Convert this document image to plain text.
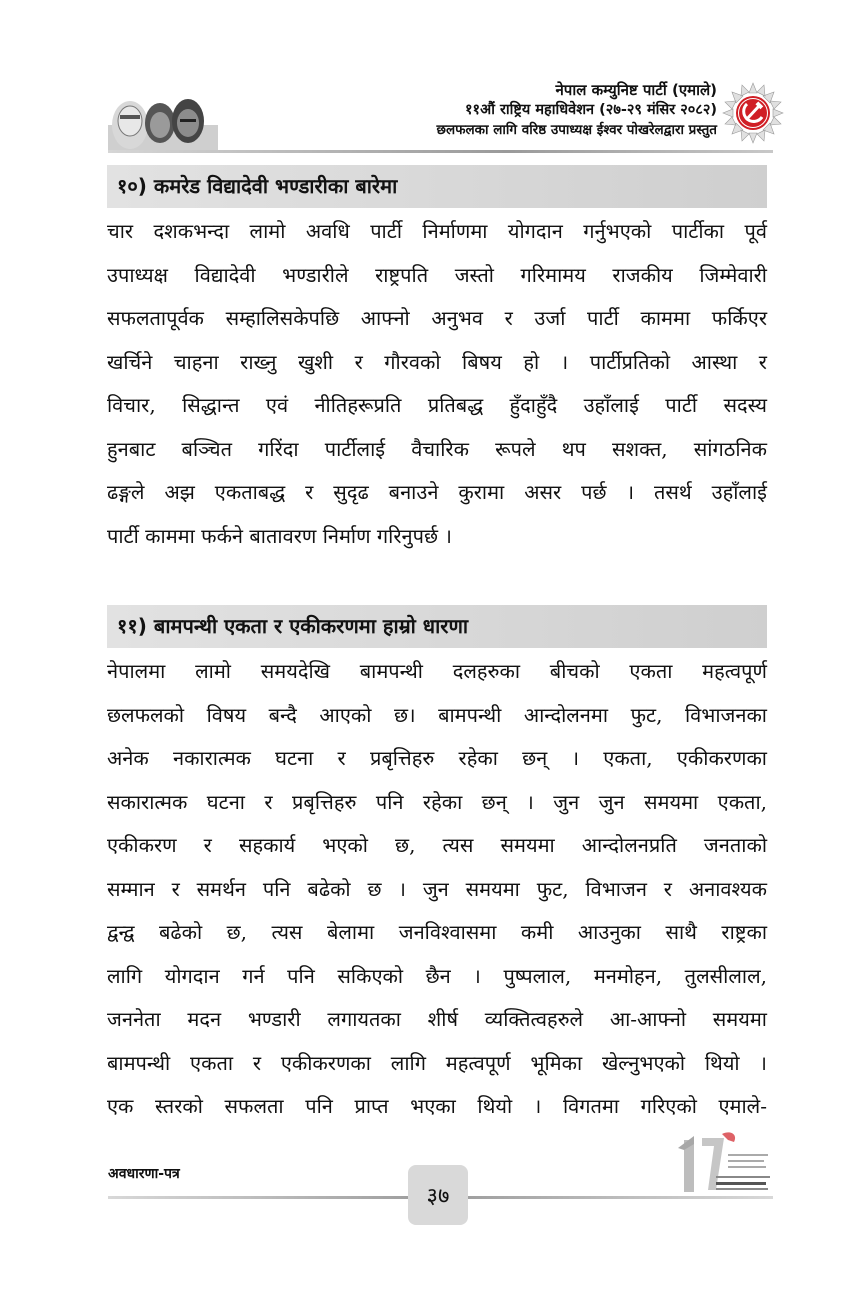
नेपाल कम्युनिष्ट पार्टी (एमाले)
११औं राष्ट्रिय महाधिवेशन (२७-२९ मंसिर २०८२)
छलफलका लागि वरिष्ठ उपाध्यक्ष ईश्वर पोखरेलद्वारा प्रस्तुत
१०) कमरेड विद्यादेवी भण्डारीका बारेमा
चार दशकभन्दा लामो अवधि पार्टी निर्माणमा योगदान गर्नुभएको पार्टीका पूर्व
उपाध्यक्ष विद्यादेवी भण्डारीले राष्ट्रपति जस्तो गरिमामय राजकीय जिम्मेवारी
सफलतापूर्वक सम्हालिसकेपछि आफ्नो अनुभव र उर्जा पार्टी काममा फर्किएर
खर्चिने चाहना राख्नु खुशी र गौरवको बिषय हो । पार्टीप्रतिको आस्था र
विचार, सिद्धान्त एवं नीतिहरूप्रति प्रतिबद्ध हुँदाहुँदै उहाँलाई पार्टी सदस्य
हुनबाट बञ्चित गरिंदा पार्टीलाई वैचारिक रूपले थप सशक्त, सांगठनिक
ढङ्गले अझ एकताबद्ध र सुदृढ बनाउने कुरामा असर पर्छ । तसर्थ उहाँलाई
पार्टी काममा फर्कने बातावरण निर्माण गरिनुपर्छ ।
११) बामपन्थी एकता र एकीकरणमा हाम्रो धारणा
नेपालमा लामो समयदेखि बामपन्थी दलहरुका बीचको एकता महत्वपूर्ण
छलफलको विषय बन्दै आएको छ। बामपन्थी आन्दोलनमा फुट, विभाजनका
अनेक नकारात्मक घटना र प्रबृत्तिहरु रहेका छन् । एकता, एकीकरणका
सकारात्मक घटना र प्रबृत्तिहरु पनि रहेका छन् । जुन जुन समयमा एकता,
एकीकरण र सहकार्य भएको छ, त्यस समयमा आन्दोलनप्रति जनताको
सम्मान र समर्थन पनि बढेको छ । जुन समयमा फुट, विभाजन र अनावश्यक
द्वन्द्व बढेको छ, त्यस बेलामा जनविश्वासमा कमी आउनुका साथै राष्ट्रका
लागि योगदान गर्न पनि सकिएको छैन । पुष्पलाल, मनमोहन, तुलसीलाल,
जननेता मदन भण्डारी लगायतका शीर्ष व्यक्तित्वहरुले आ-आफ्नो समयमा
बामपन्थी एकता र एकीकरणका लागि महत्वपूर्ण भूमिका खेल्नुभएको थियो ।
एक स्तरको सफलता पनि प्राप्त भएका थियो । विगतमा गरिएको एमाले-
अवधारणा-पत्र
३७
